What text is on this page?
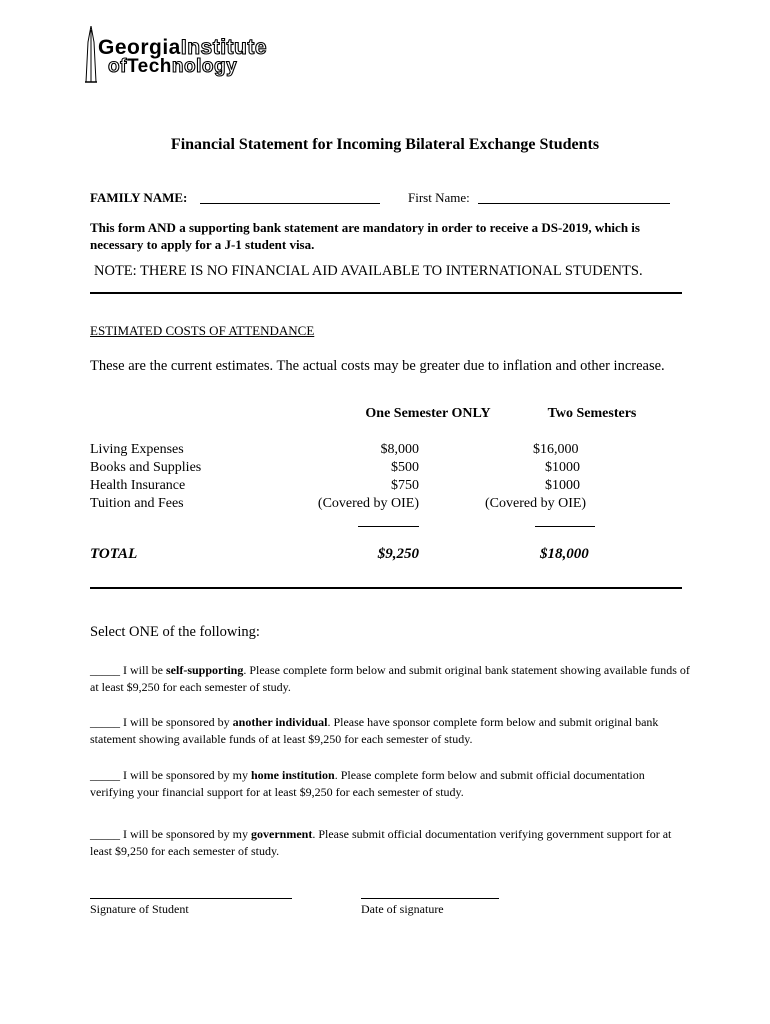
GeorgiaInstitute
ofTechnology
Financial Statement for Incoming Bilateral Exchange Students
FAMILY NAME:	First Name:
This form AND a supporting bank statement are mandatory in order to receive a DS-2019, which is necessary to apply for a J-1 student visa.
NOTE: THERE IS NO FINANCIAL AID AVAILABLE TO INTERNATIONAL STUDENTS.
ESTIMATED COSTS OF ATTENDANCE
These are the current estimates. The actual costs may be greater due to inflation and other increase.
One Semester ONLY	Two Semesters
Living Expenses	$8,000	$16,000
Books and Supplies	$500	$1000
Health Insurance	$750	$1000
Tuition and Fees	(Covered by OIE)	(Covered by OIE)
TOTAL	$9,250	$18,000
Select ONE of the following:
_____ I will be self-supporting. Please complete form below and submit original bank statement showing available funds of at least $9,250 for each semester of study.
_____ I will be sponsored by another individual. Please have sponsor complete form below and submit original bank statement showing available funds of at least $9,250 for each semester of study.
_____ I will be sponsored by my home institution. Please complete form below and submit official documentation verifying your financial support for at least $9,250 for each semester of study.
_____ I will be sponsored by my government. Please submit official documentation verifying government support for at least $9,250 for each semester of study.
Signature of Student	Date of signature
